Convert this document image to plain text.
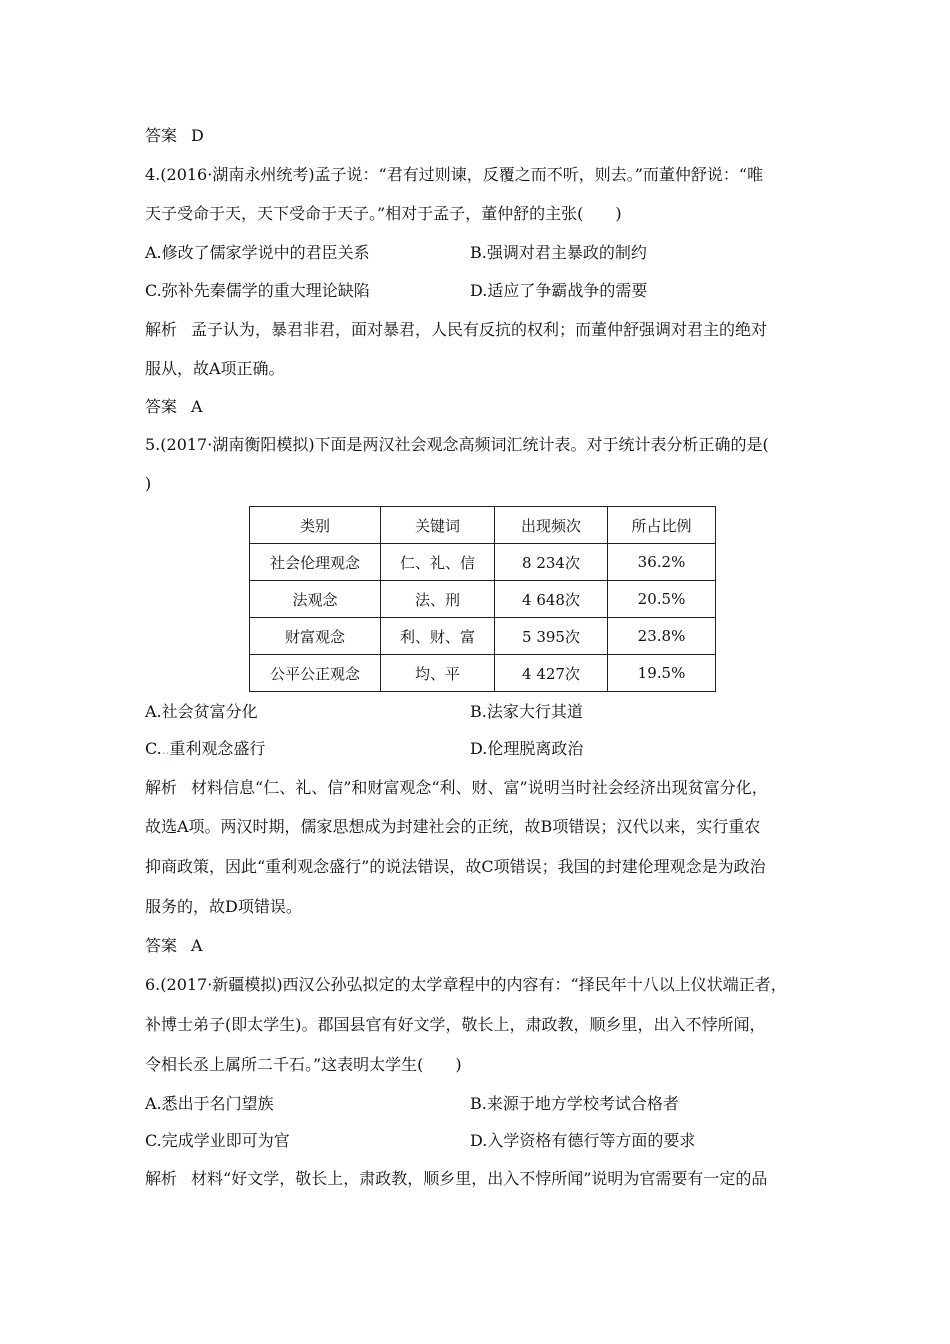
答案 D
4.(2016·湖南永州统考)孟子说：“君有过则谏，反覆之而不听，则去。”而董仲舒说：“唯
天子受命于天，天下受命于天子。”相对于孟子，董仲舒的主张(　　)
A.修改了儒家学说中的君臣关系	B.强调对君主暴政的制约
C.弥补先秦儒学的重大理论缺陷	D.适应了争霸战争的需要
解析 孟子认为，暴君非君，面对暴君，人民有反抗的权利；而董仲舒强调对君主的绝对
服从，故A项正确。
答案 A
5.(2017·湖南衡阳模拟)下面是两汉社会观念高频词汇统计表。对于统计表分析正确的是(
)
类别	关键词	出现频次	所占比例
社会伦理观念	仁、礼、信	8 234次	36.2%
法观念	法、刑	4 648次	20.5%
财富观念	利、财、富	5 395次	23.8%
公平公正观念	均、平	4 427次	19.5%
A.社会贫富分化	B.法家大行其道
C...重利观念盛行	D.伦理脱离政治
解析 材料信息“仁、礼、信”和财富观念“利、财、富”说明当时社会经济出现贫富分化，
故选A项。两汉时期，儒家思想成为封建社会的正统，故B项错误；汉代以来，实行重农
抑商政策，因此“重利观念盛行”的说法错误，故C项错误；我国的封建伦理观念是为政治
服务的，故D项错误。
答案 A
6.(2017·新疆模拟)西汉公孙弘拟定的太学章程中的内容有：“择民年十八以上仪状端正者，
补博士弟子(即太学生)。郡国县官有好文学，敬长上，肃政教，顺乡里，出入不悖所闻，
令相长丞上属所二千石。”这表明太学生(　　)
A.悉出于名门望族	B.来源于地方学校考试合格者
C.完成学业即可为官	D.入学资格有德行等方面的要求
解析 材料“好文学，敬长上，肃政教，顺乡里，出入不悖所闻”说明为官需要有一定的品
